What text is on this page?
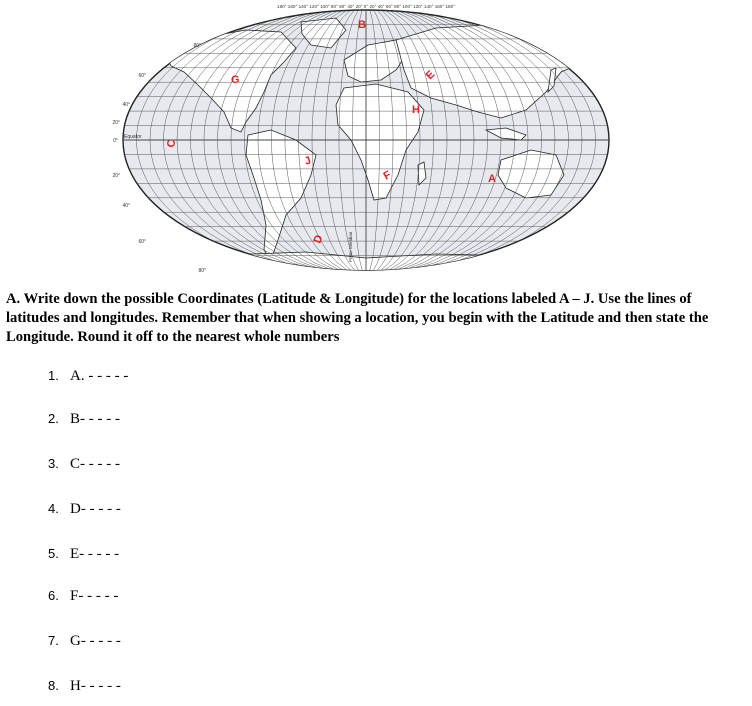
180° 160° 140° 120° 100° 80° 60° 40° 20° 0° 20° 40° 60° 80° 100° 120° 140° 160° 180°
80°
60°
40°
20°
0°
20°
40°
60°
80°
Equator
Prime Meridian
A
B
C
D
E
F
G
H
J

A. Write down the possible Coordinates (Latitude & Longitude) for the locations labeled A – J. Use the lines of latitudes and longitudes. Remember that when showing a location, you begin with the Latitude and then state the Longitude. Round it off to the nearest whole numbers

1. A. - - - - -
2. B- - - - -
3. C- - - - -
4. D- - - - -
5. E- - - - -
6. F- - - - -
7. G- - - - -
8. H- - - - -
